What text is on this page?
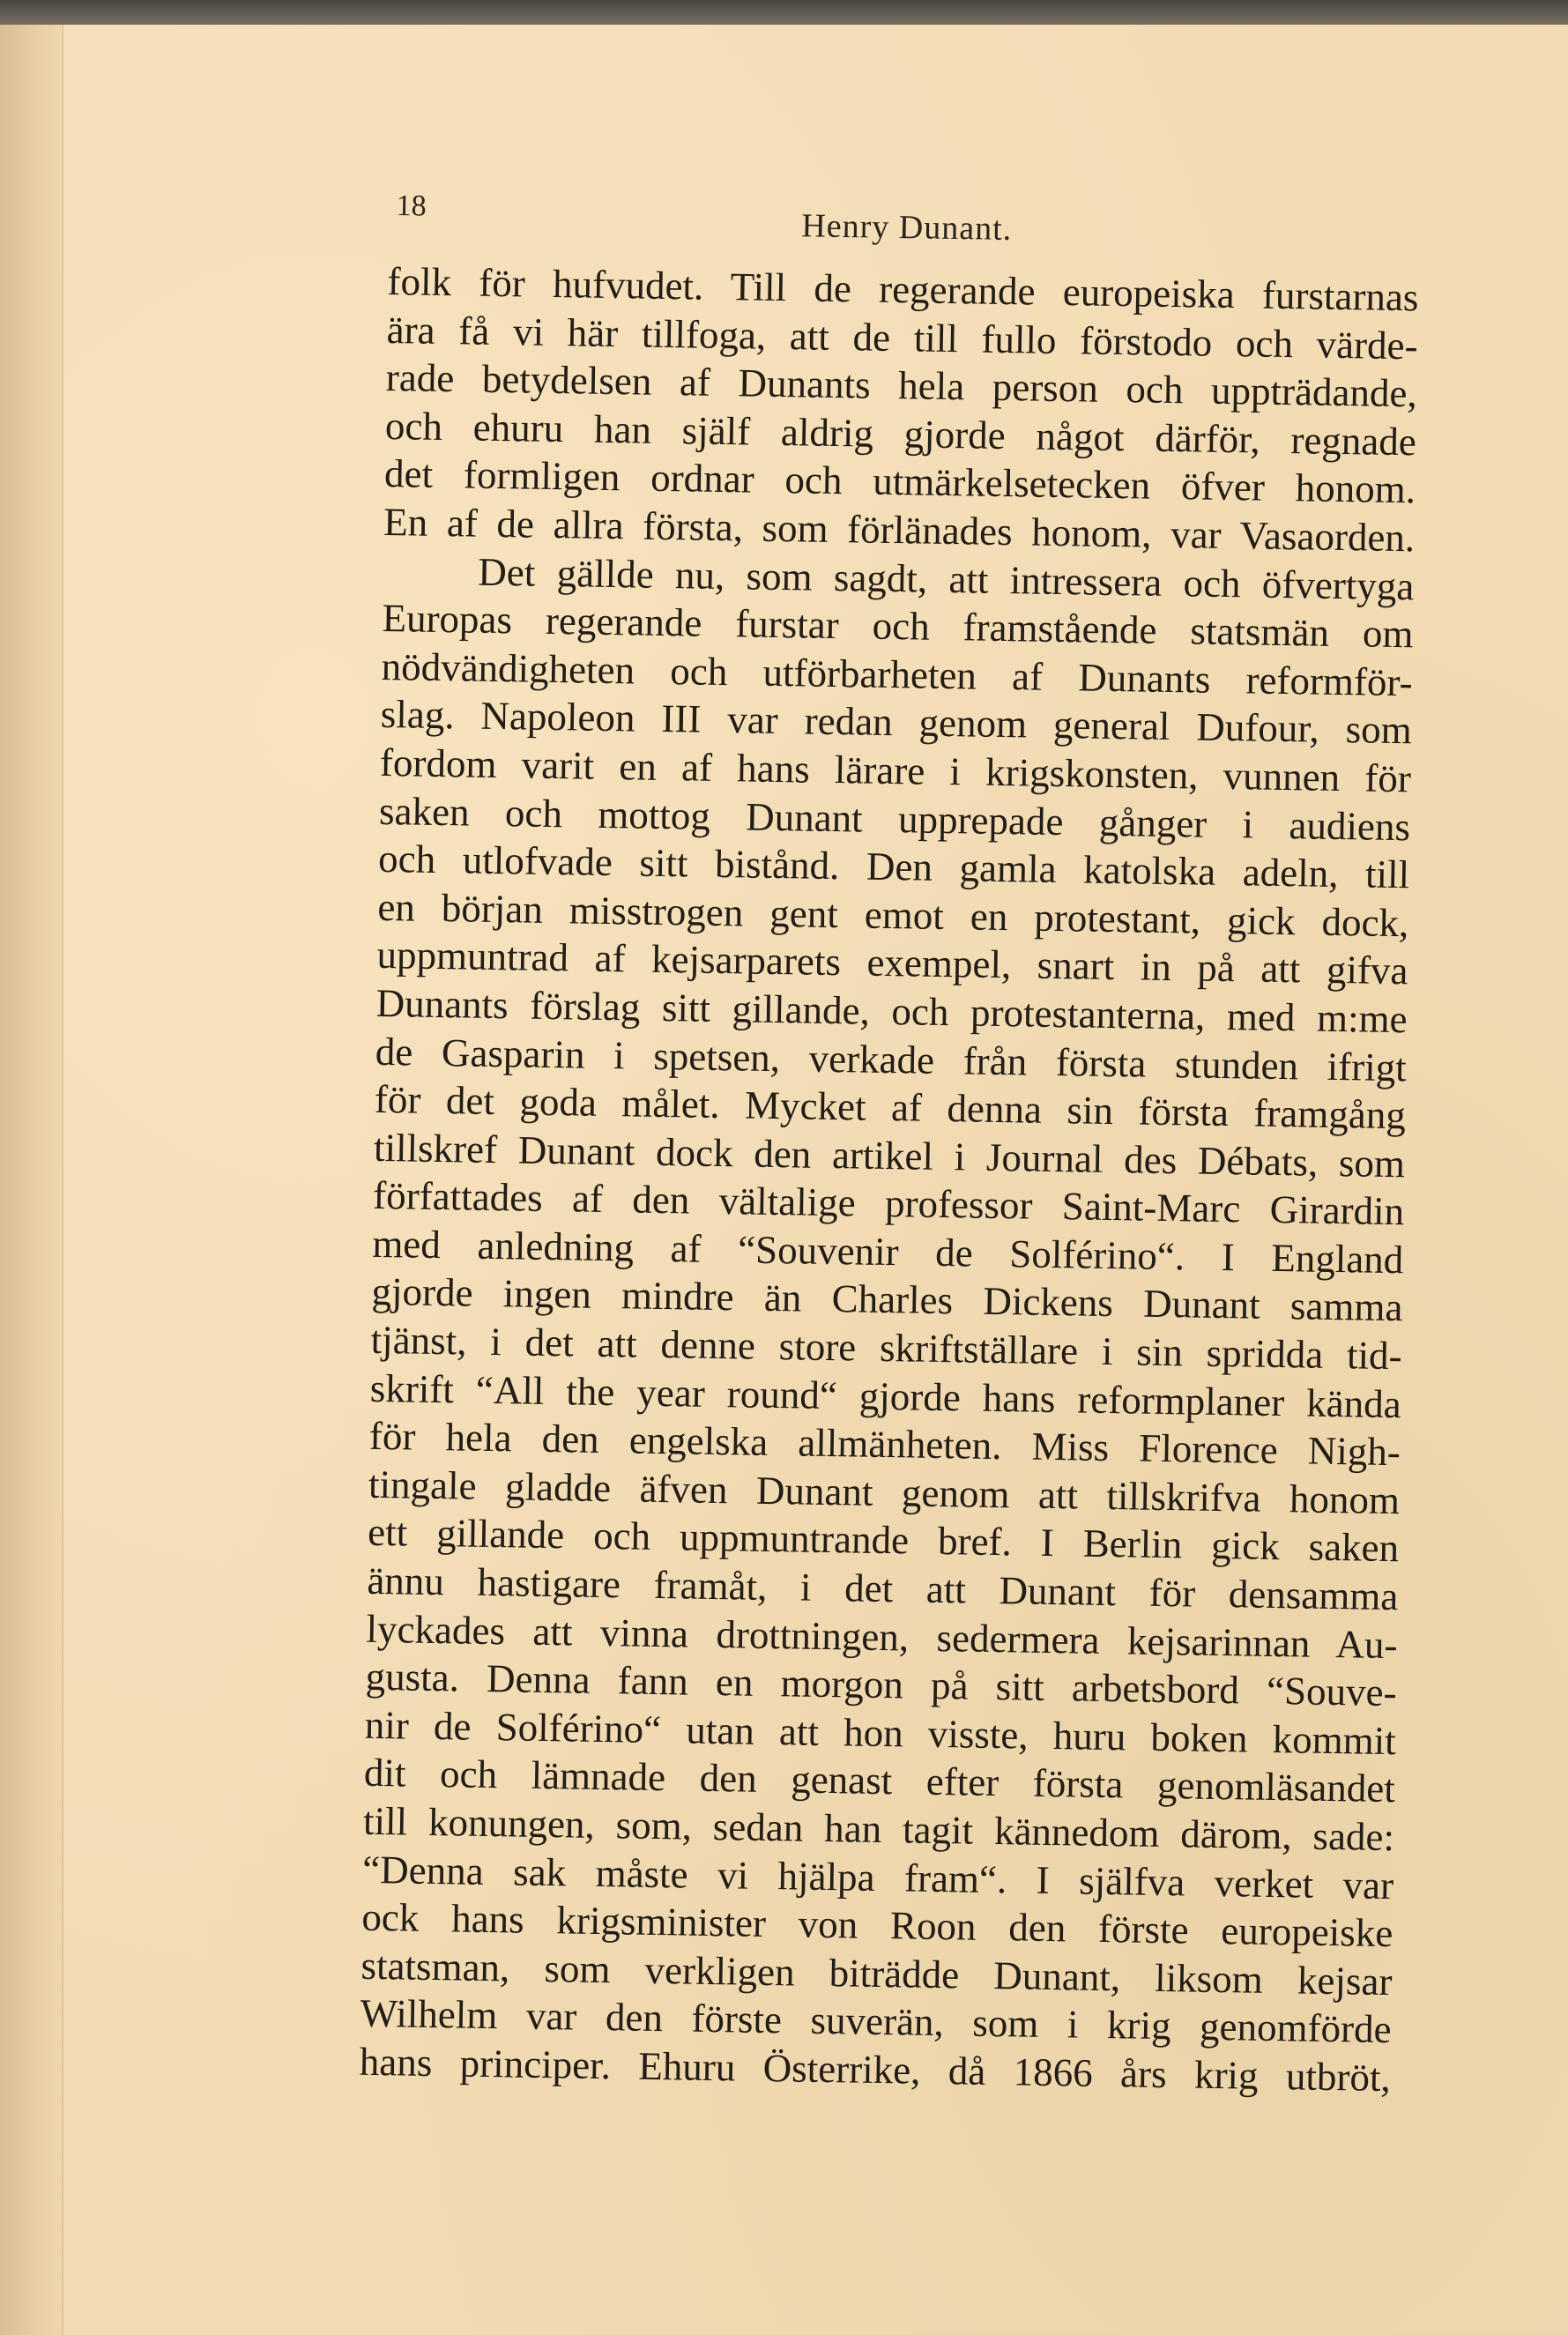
18
Henry Dunant.
folk för hufvudet. Till de regerande europeiska furstarnas
ära få vi här tillfoga, att de till fullo förstodo och värde-
rade betydelsen af Dunants hela person och uppträdande,
och ehuru han själf aldrig gjorde något därför, regnade
det formligen ordnar och utmärkelsetecken öfver honom.
En af de allra första, som förlänades honom, var Vasaorden.
Det gällde nu, som sagdt, att intressera och öfvertyga
Europas regerande furstar och framstående statsmän om
nödvändigheten och utförbarheten af Dunants reformför-
slag. Napoleon III var redan genom general Dufour, som
fordom varit en af hans lärare i krigskonsten, vunnen för
saken och mottog Dunant upprepade gånger i audiens
och utlofvade sitt bistånd. Den gamla katolska adeln, till
en början misstrogen gent emot en protestant, gick dock,
uppmuntrad af kejsarparets exempel, snart in på att gifva
Dunants förslag sitt gillande, och protestanterna, med m:me
de Gasparin i spetsen, verkade från första stunden ifrigt
för det goda målet. Mycket af denna sin första framgång
tillskref Dunant dock den artikel i Journal des Débats, som
författades af den vältalige professor Saint-Marc Girardin
med anledning af “Souvenir de Solférino“. I England
gjorde ingen mindre än Charles Dickens Dunant samma
tjänst, i det att denne store skriftställare i sin spridda tid-
skrift “All the year round“ gjorde hans reformplaner kända
för hela den engelska allmänheten. Miss Florence Nigh-
tingale gladde äfven Dunant genom att tillskrifva honom
ett gillande och uppmuntrande bref. I Berlin gick saken
ännu hastigare framåt, i det att Dunant för densamma
lyckades att vinna drottningen, sedermera kejsarinnan Au-
gusta. Denna fann en morgon på sitt arbetsbord “Souve-
nir de Solférino“ utan att hon visste, huru boken kommit
dit och lämnade den genast efter första genomläsandet
till konungen, som, sedan han tagit kännedom därom, sade:
“Denna sak måste vi hjälpa fram“. I själfva verket var
ock hans krigsminister von Roon den förste europeiske
statsman, som verkligen biträdde Dunant, liksom kejsar
Wilhelm var den förste suverän, som i krig genomförde
hans principer. Ehuru Österrike, då 1866 års krig utbröt,
